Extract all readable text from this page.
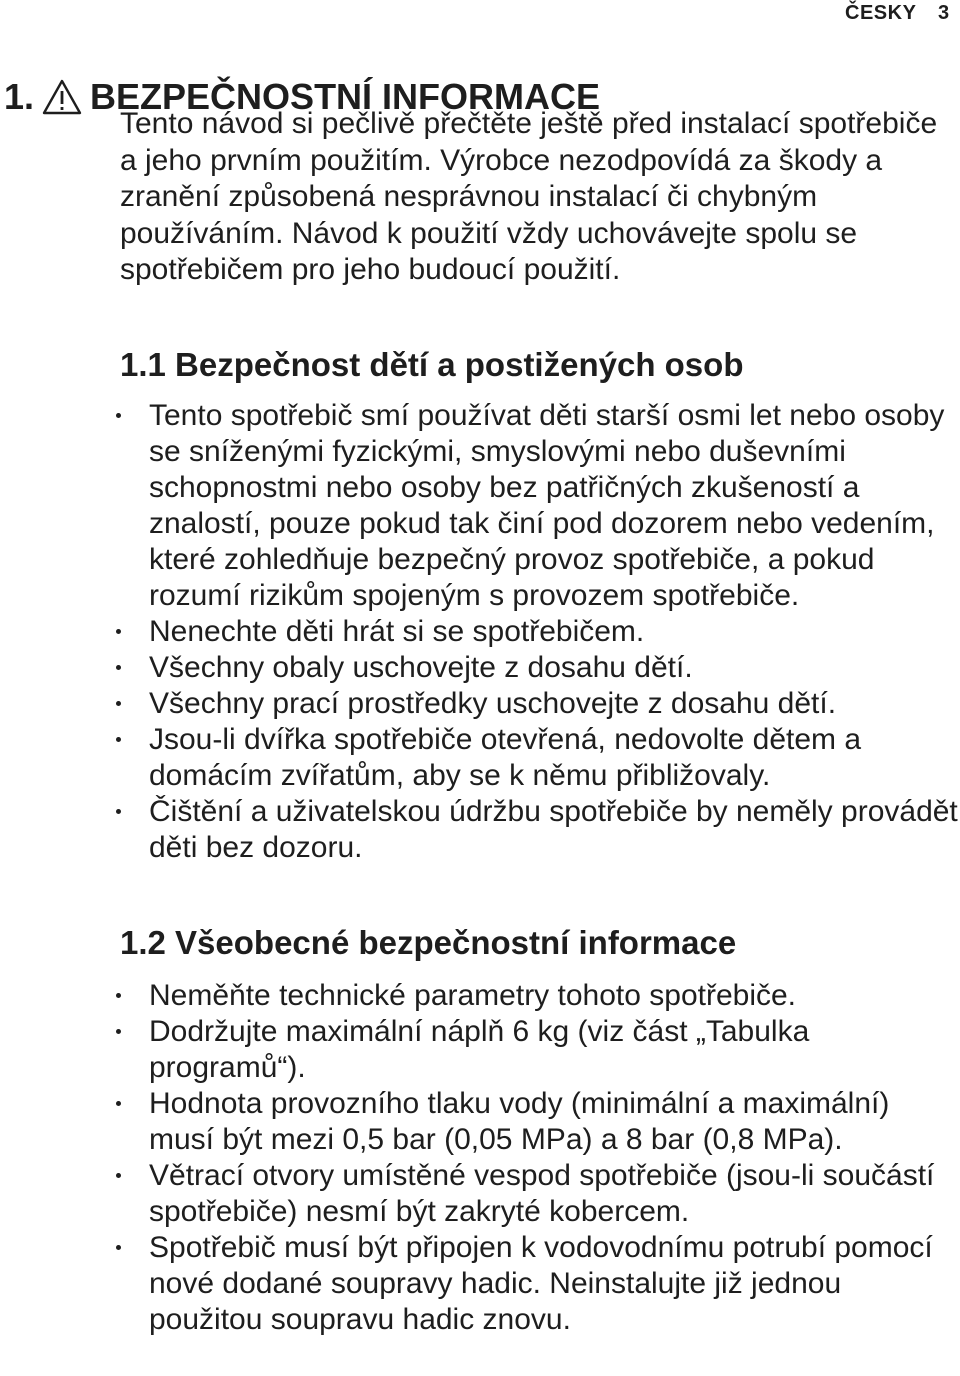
ČESKY 3
1. BEZPEČNOSTNÍ INFORMACE

Tento návod si pečlivě přečtěte ještě před instalací spotřebiče a jeho prvním použitím. Výrobce nezodpovídá za škody a zranění způsobená nesprávnou instalací či chybným používáním. Návod k použití vždy uchovávejte spolu se spotřebičem pro jeho budoucí použití.

1.1 Bezpečnost dětí a postižených osob
Tento spotřebič smí používat děti starší osmi let nebo osoby se sníženými fyzickými, smyslovými nebo duševními schopnostmi nebo osoby bez patřičných zkušeností a znalostí, pouze pokud tak činí pod dozorem nebo vedením, které zohledňuje bezpečný provoz spotřebiče, a pokud rozumí rizikům spojeným s provozem spotřebiče.
Nenechte děti hrát si se spotřebičem.
Všechny obaly uschovejte z dosahu dětí.
Všechny prací prostředky uschovejte z dosahu dětí.
Jsou-li dvířka spotřebiče otevřená, nedovolte dětem a domácím zvířatům, aby se k němu přibližovaly.
Čištění a uživatelskou údržbu spotřebiče by neměly provádět děti bez dozoru.
1.2 Všeobecné bezpečnostní informace
Neměňte technické parametry tohoto spotřebiče.
Dodržujte maximální náplň 6 kg (viz část „Tabulka programů“).
Hodnota provozního tlaku vody (minimální a maximální) musí být mezi 0,5 bar (0,05 MPa) a 8 bar (0,8 MPa).
Větrací otvory umístěné vespod spotřebiče (jsou-li součástí spotřebiče) nesmí být zakryté kobercem.
Spotřebič musí být připojen k vodovodnímu potrubí pomocí nové dodané soupravy hadic. Neinstalujte již jednou použitou soupravu hadic znovu.
